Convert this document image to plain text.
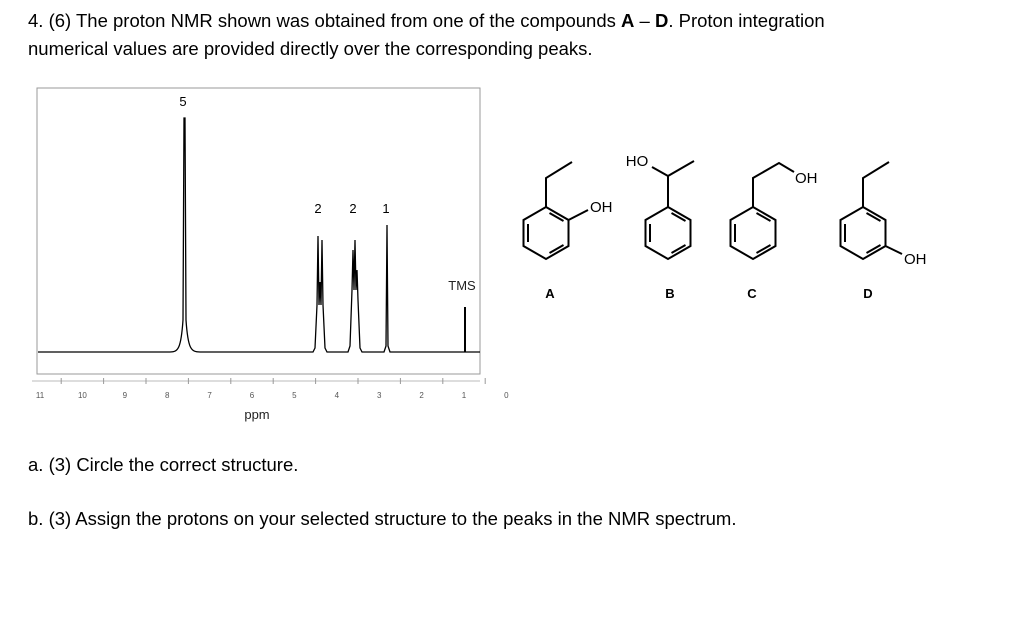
4. (6) The proton NMR shown was obtained from one of the compounds A – D. Proton integration
numerical values are provided directly over the corresponding peaks.
11	10	9	8	7	6	5	4	3	2	1	0
ppm
TMS
5
2 2 1	OH
A
HO
B
OH
C
OH
D
a. (3) Circle the correct structure.
b. (3) Assign the protons on your selected structure to the peaks in the NMR spectrum.
